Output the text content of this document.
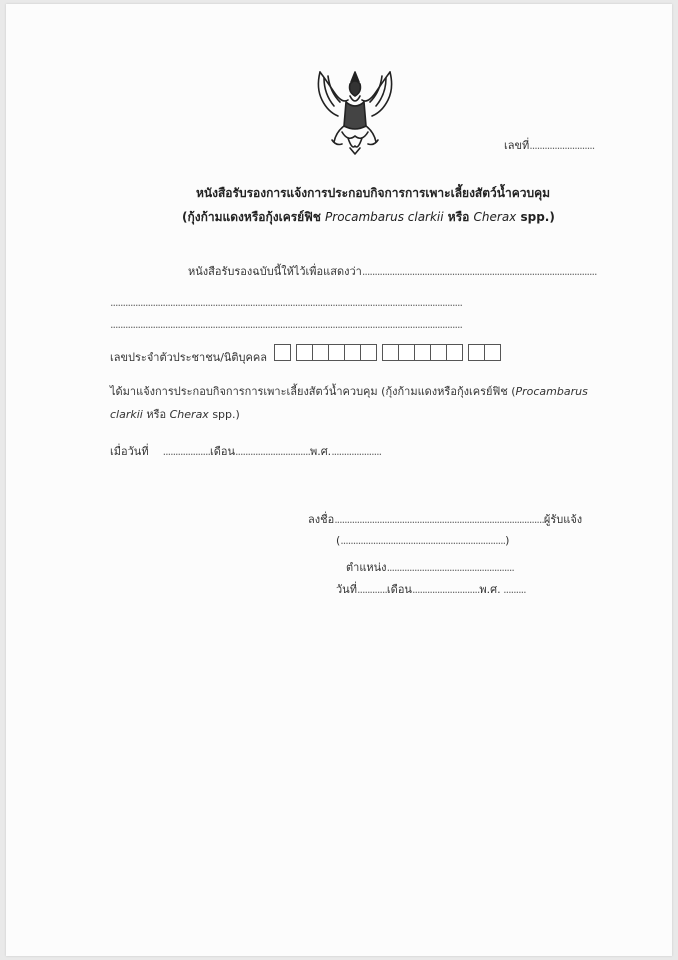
เลขที่..........................
หนังสือรับรองการแจ้งการประกอบกิจการการเพาะเลี้ยงสัตว์น้ำควบคุม
(กุ้งก้ามแดงหรือกุ้งเครย์ฟิช Procambarus clarkii หรือ Cherax spp.)
หนังสือรับรองฉบับนี้ให้ไว้เพื่อแสดงว่า..............................................................................................
.............................................................................................................................................
.............................................................................................................................................
เลขประจำตัวประชาชน/นิติบุคคล
ได้มาแจ้งการประกอบกิจการการเพาะเลี้ยงสัตว์น้ำควบคุม (กุ้งก้ามแดงหรือกุ้งเครย์ฟิช (Procambarus
clarkii หรือ Cherax spp.)
เมื่อวันที่ ...................เดือน..............................พ.ศ.....................
ลงชื่อ....................................................................................ผู้รับแจ้ง
(..................................................................)
ตำแหน่ง...................................................
วันที่............เดือน...........................พ.ศ. .........
